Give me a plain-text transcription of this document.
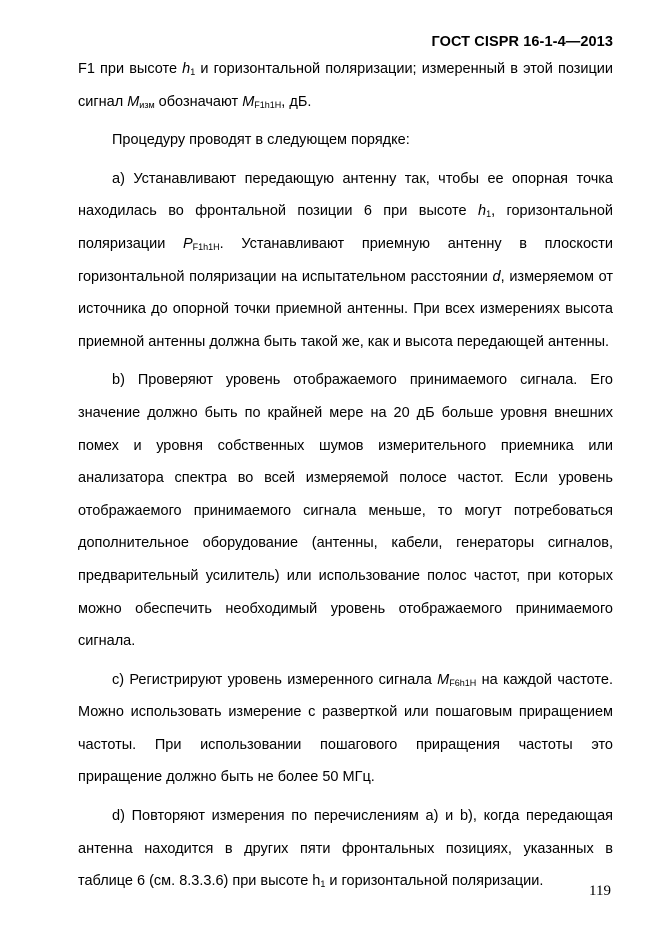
ГОСТ CISPR 16-1-4—2013
F1 при высоте $h_1$ и горизонтальной поляризации; измеренный в этой позиции
сигнал $M_{изм}$ обозначают $M_{F1h1H}$, дБ.
Процедуру проводят в следующем порядке:
а) Устанавливают передающую антенну так, чтобы ее опорная точка
находилась во фронтальной позиции 6 при высоте $h_1$, горизонтальной
поляризации $P_{F1h1H}$. Устанавливают приемную антенну в плоскости
горизонтальной поляризации на испытательном расстоянии d, измеряемом от
источника до опорной точки приемной антенны. При всех измерениях высота
приемной антенны должна быть такой же, как и высота передающей антенны.
b) Проверяют уровень отображаемого принимаемого сигнала. Его
значение должно быть по крайней мере на 20 дБ больше уровня внешних
помех и уровня собственных шумов измерительного приемника или
анализатора спектра во всей измеряемой полосе частот. Если уровень
отображаемого принимаемого сигнала меньше, то могут потребоваться
дополнительное оборудование (антенны, кабели, генераторы сигналов,
предварительный усилитель) или использование полос частот, при которых
можно обеспечить необходимый уровень отображаемого принимаемого
сигнала.
с) Регистрируют уровень измеренного сигнала $M_{F6h1H}$ на каждой частоте.
Можно использовать измерение с разверткой или пошаговым приращением
частоты. При использовании пошагового приращения частоты это
приращение должно быть не более 50 МГц.
d) Повторяют измерения по перечислениям а) и b), когда передающая
антенна находится в других пяти фронтальных позициях, указанных в
таблице 6 (см. 8.3.3.6) при высоте $h_1$ и горизонтальной поляризации.
119
